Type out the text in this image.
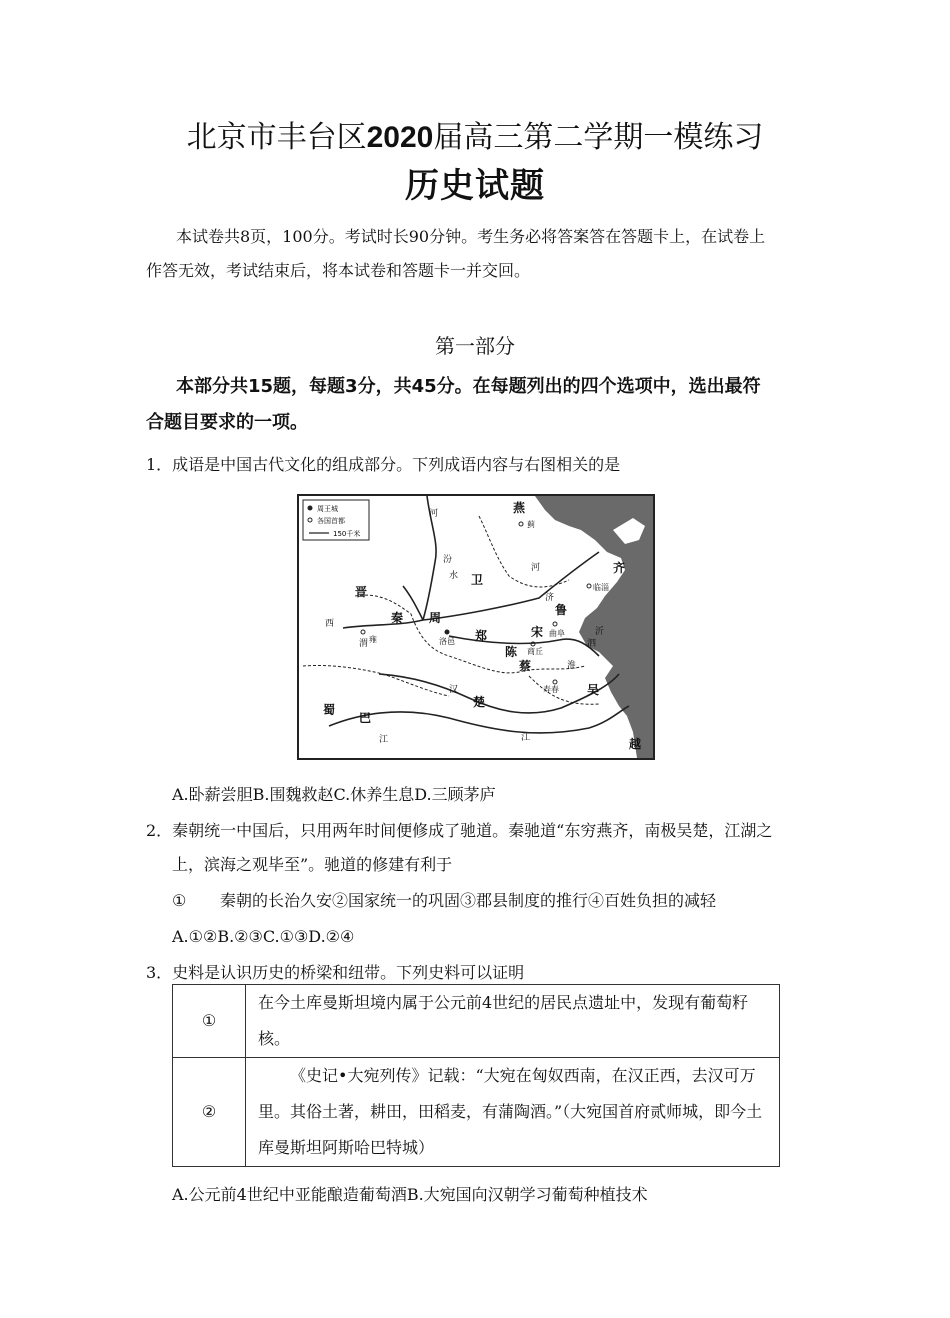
北京市丰台区2020届高三第二学期一模练习
历史试题
本试卷共8页，100分。考试时长90分钟。考生务必将答案答在答题卡上，在试卷上
作答无效，考试结束后，将本试卷和答题卡一并交回。
第一部分
本部分共15题，每题3分，共45分。在每题列出的四个选项中，选出最符
合题目要求的一项。
1．成语是中国古代文化的组成部分。下列成语内容与右图相关的是
周王城
各国首都
150千米
燕
齐
晋
秦 周
卫
鲁
宋
郑
陈
蔡
楚
吴
越
蜀
巴
西
蓟
临淄
曲阜
商丘
洛邑
雍
寿春
河
汾
水
渭
汉
江	江
济
河
淮
泗
沂
A.卧薪尝胆B.围魏救赵C.休养生息D.三顾茅庐
2．秦朝统一中国后，只用两年时间便修成了驰道。秦驰道“东穷燕齐，南极吴楚，江湖之
上，滨海之观毕至”。驰道的修建有利于
① 秦朝的长治久安②国家统一的巩固③郡县制度的推行④百姓负担的减轻
A.①②B.②③C.①③D.②④
3．史料是认识历史的桥梁和纽带。下列史料可以证明
①	在今土库曼斯坦境内属于公元前4世纪的居民点遗址中，发现有葡萄籽核。
②	《史记•大宛列传》记载：“大宛在匈奴西南，在汉正西，去汉可万里。其俗土著，耕田，田稻麦，有蒲陶酒。”（大宛国首府贰师城，即今土库曼斯坦阿斯哈巴特城）
A.公元前4世纪中亚能酿造葡萄酒B.大宛国向汉朝学习葡萄种植技术
